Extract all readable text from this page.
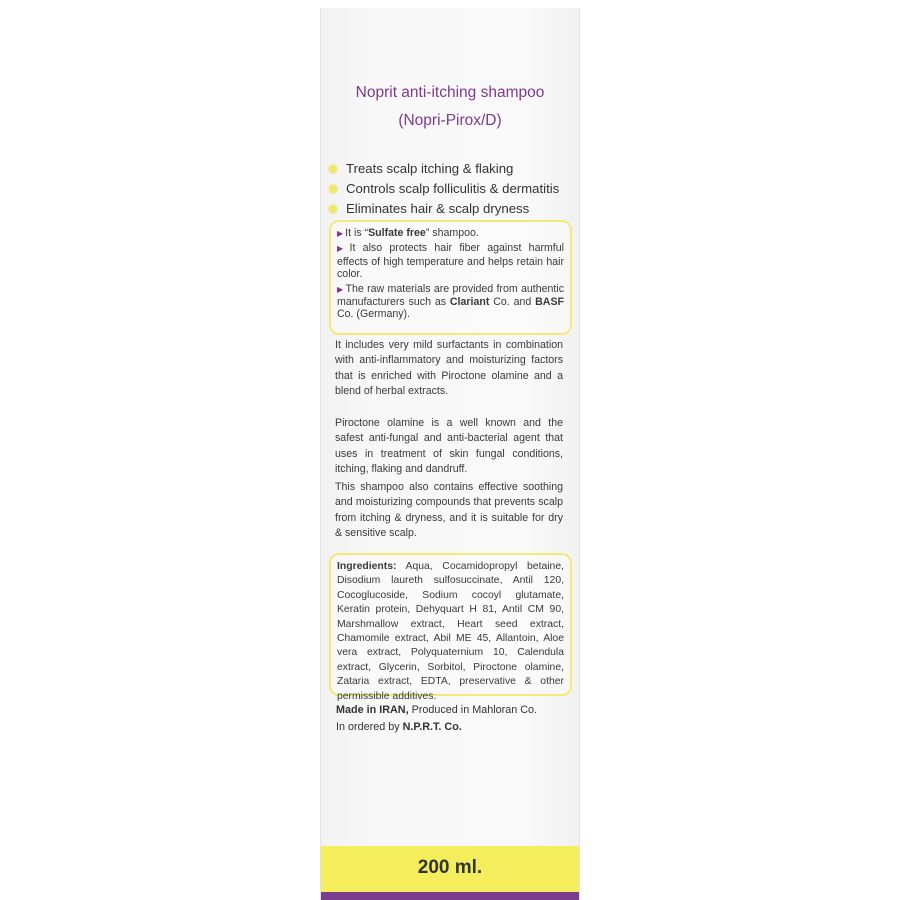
Noprit anti-itching shampoo
(Nopri-Pirox/D)
Treats scalp itching & flaking
Controls scalp folliculitis & dermatitis
Eliminates hair & scalp dryness
▶ It is “Sulfate free” shampoo.
▶ It also protects hair fiber against harmful effects of high temperature and helps retain hair color.
▶ The raw materials are provided from authentic manufacturers such as Clariant Co. and BASF Co. (Germany).
It includes very mild surfactants in combination with anti-inflammatory and moisturizing factors that is enriched with Piroctone olamine and a blend of herbal extracts.
Piroctone olamine is a well known and the safest anti-fungal and anti-bacterial agent that uses in treatment of skin fungal conditions, itching, flaking and dandruff.
This shampoo also contains effective soothing and moisturizing compounds that prevents scalp from itching & dryness, and it is suitable for dry & sensitive scalp.
Ingredients: Aqua, Cocamidopropyl betaine, Disodium laureth sulfosuccinate, Antil 120, Cocoglucoside, Sodium cocoyl glutamate, Keratin protein, Dehyquart H 81, Antil CM 90, Marshmallow extract, Heart seed extract, Chamomile extract, Abil ME 45, Allantoin, Aloe vera extract, Polyquaternium 10, Calendula extract, Glycerin, Sorbitol, Piroctone olamine, Zataria extract, EDTA, preservative & other permissible additives.
Made in IRAN, Produced in Mahloran Co.
In ordered by N.P.R.T. Co.
200 ml.
